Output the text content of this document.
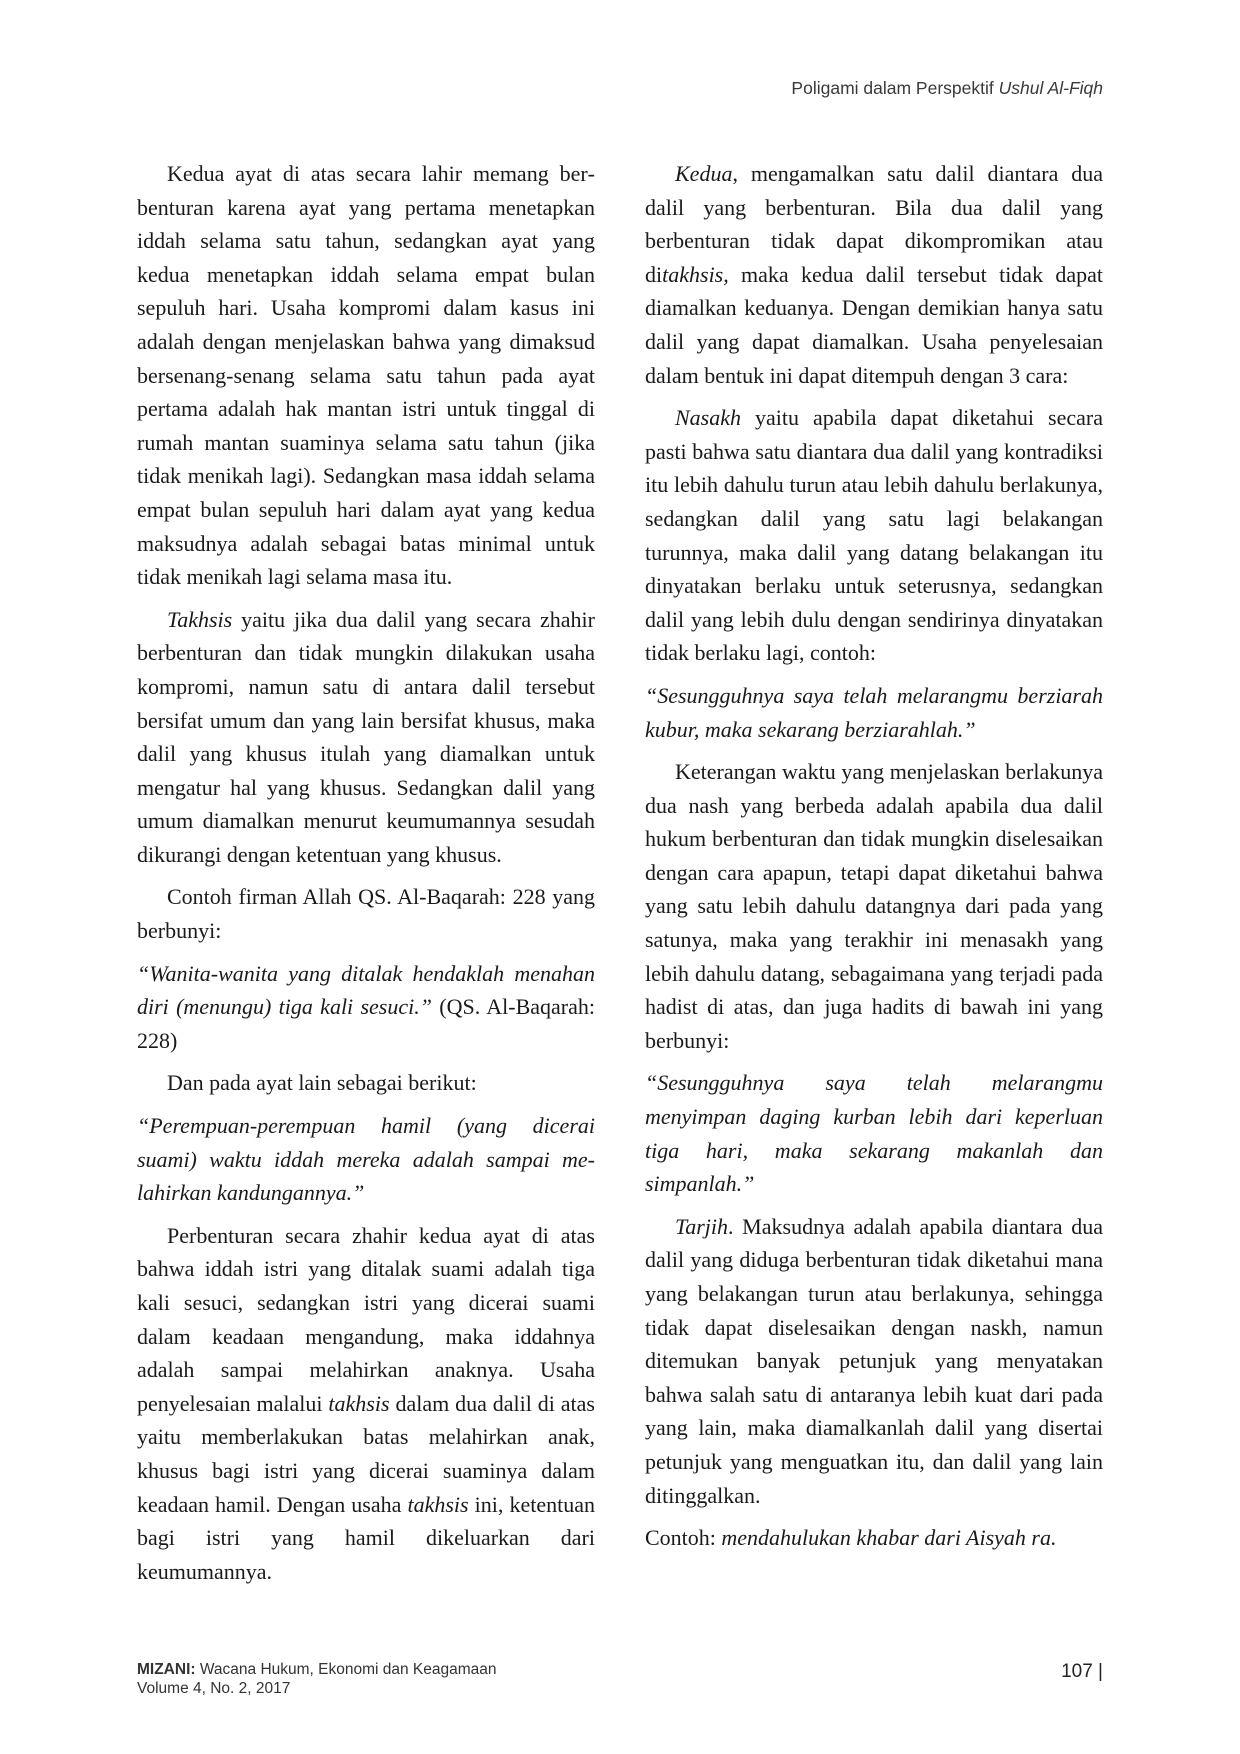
Poligami dalam Perspektif Ushul Al-Fiqh

Kedua ayat di atas secara lahir memang berbenturan karena ayat yang pertama menetapkan iddah selama satu tahun, sedangkan ayat yang kedua menetapkan iddah selama empat bulan sepuluh hari. Usaha kompromi dalam kasus ini adalah dengan menjelaskan bahwa yang dimaksud bersenang-senang selama satu tahun pada ayat pertama adalah hak mantan istri untuk tinggal di rumah mantan suaminya selama satu tahun (jika tidak menikah lagi). Sedangkan masa iddah selama empat bulan sepuluh hari dalam ayat yang kedua maksudnya adalah sebagai batas minimal untuk tidak menikah lagi selama masa itu.

Takhsis yaitu jika dua dalil yang secara zhahir berbenturan dan tidak mungkin dilakukan usaha kompromi, namun satu di antara dalil tersebut bersifat umum dan yang lain bersifat khusus, maka dalil yang khusus itulah yang diamalkan untuk mengatur hal yang khusus. Sedangkan dalil yang umum diamalkan menurut keumumannya sesudah dikurangi dengan ketentuan yang khusus.

Contoh firman Allah QS. Al-Baqarah: 228 yang berbunyi:

“Wanita-wanita yang ditalak hendaklah menahan diri (menungu) tiga kali sesuci.” (QS. Al-Baqarah: 228)

Dan pada ayat lain sebagai berikut:

“Perempuan-perempuan hamil (yang dicerai suami) waktu iddah mereka adalah sampai melahirkan kandungannya.”

Perbenturan secara zhahir kedua ayat di atas bahwa iddah istri yang ditalak suami adalah tiga kali sesuci, sedangkan istri yang dicerai suami dalam keadaan mengandung, maka iddahnya adalah sampai melahirkan anaknya. Usaha penyelesaian malalui takhsis dalam dua dalil di atas yaitu memberlakukan batas melahirkan anak, khusus bagi istri yang dicerai suaminya dalam keadaan hamil. Dengan usaha takhsis ini, ketentuan bagi istri yang hamil dikeluarkan dari keumumannya.

Kedua, mengamalkan satu dalil diantara dua dalil yang berbenturan. Bila dua dalil yang berbenturan tidak dapat dikompromikan atau ditakhsis, maka kedua dalil tersebut tidak dapat diamalkan keduanya. Dengan demikian hanya satu dalil yang dapat diamalkan. Usaha penyelesaian dalam bentuk ini dapat ditempuh dengan 3 cara:

Nasakh yaitu apabila dapat diketahui secara pasti bahwa satu diantara dua dalil yang kontradiksi itu lebih dahulu turun atau lebih dahulu berlakunya, sedangkan dalil yang satu lagi belakangan turunnya, maka dalil yang datang belakangan itu dinyatakan berlaku untuk seterusnya, sedangkan dalil yang lebih dulu dengan sendirinya dinyatakan tidak berlaku lagi, contoh:

“Sesungguhnya saya telah melarangmu berziarah kubur, maka sekarang berziarahlah.”

Keterangan waktu yang menjelaskan berlakunya dua nash yang berbeda adalah apabila dua dalil hukum berbenturan dan tidak mungkin diselesaikan dengan cara apapun, tetapi dapat diketahui bahwa yang satu lebih dahulu datangnya dari pada yang satunya, maka yang terakhir ini menasakh yang lebih dahulu datang, sebagaimana yang terjadi pada hadist di atas, dan juga hadits di bawah ini yang berbunyi:

“Sesungguhnya saya telah melarangmu menyimpan daging kurban lebih dari keperluan tiga hari, maka sekarang makanlah dan simpanlah.”

Tarjih. Maksudnya adalah apabila diantara dua dalil yang diduga berbenturan tidak diketahui mana yang belakangan turun atau berlakunya, sehingga tidak dapat diselesaikan dengan naskh, namun ditemukan banyak petunjuk yang menyatakan bahwa salah satu di antaranya lebih kuat dari pada yang lain, maka diamalkanlah dalil yang disertai petunjuk yang menguatkan itu, dan dalil yang lain ditinggalkan.

Contoh: mendahulukan khabar dari Aisyah ra.

MIZANI: Wacana Hukum, Ekonomi dan Keagamaan
Volume 4, No. 2, 2017
107 |
